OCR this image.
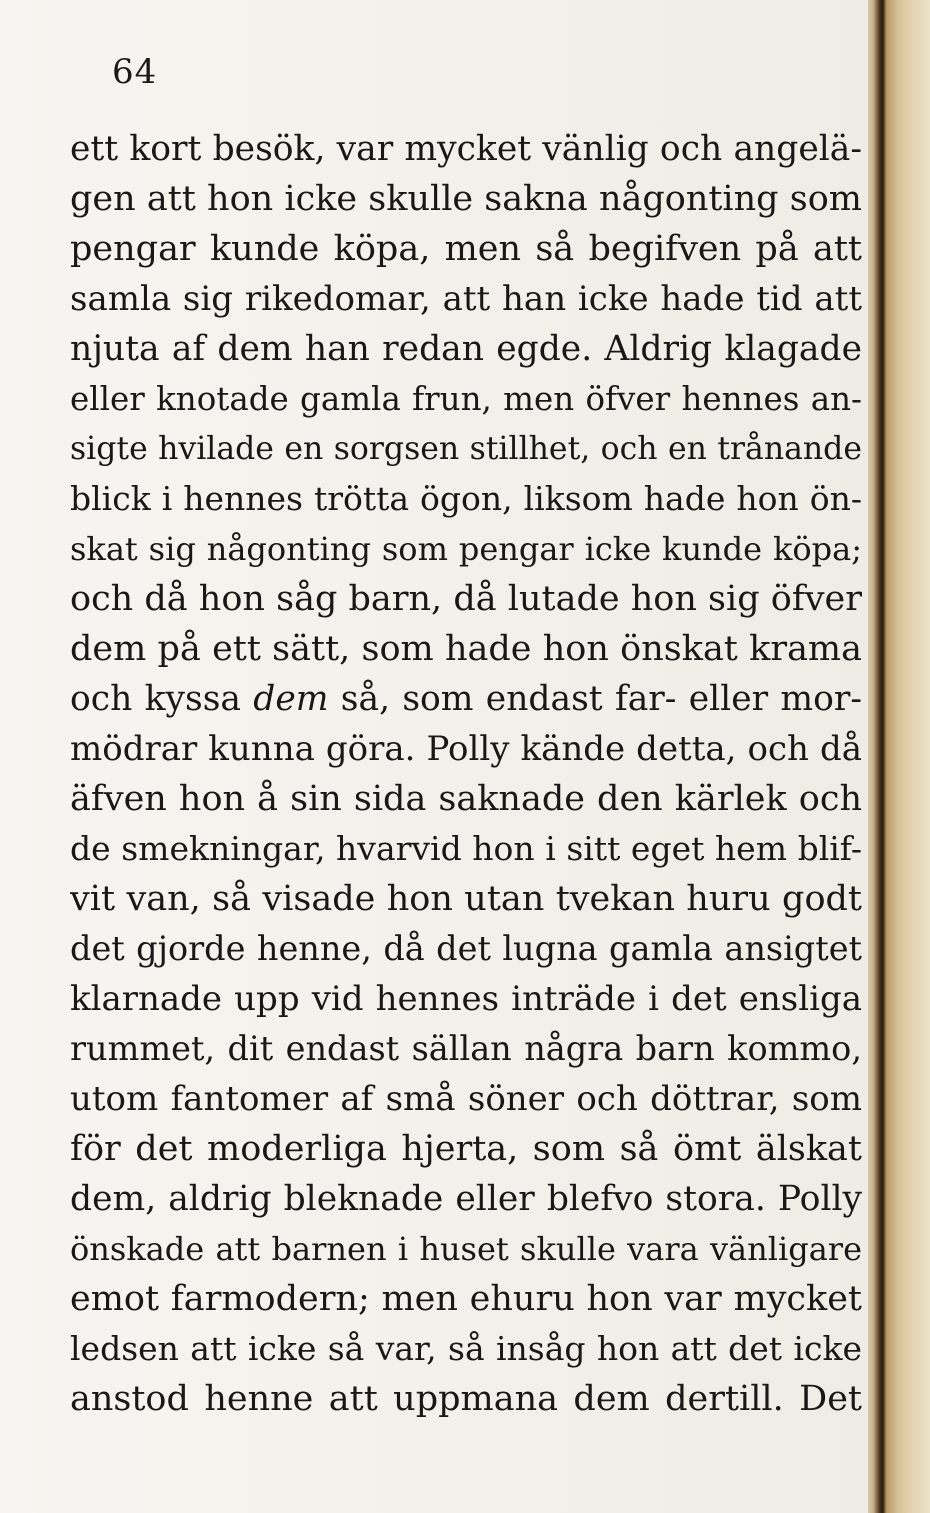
64
ett kort besök, var mycket vänlig och angelä-
gen att hon icke skulle sakna någonting som
pengar kunde köpa, men så begifven på att
samla sig rikedomar, att han icke hade tid att
njuta af dem han redan egde. Aldrig klagade
eller knotade gamla frun, men öfver hennes an-
sigte hvilade en sorgsen stillhet, och en trånande
blick i hennes trötta ögon, liksom hade hon ön-
skat sig någonting som pengar icke kunde köpa;
och då hon såg barn, då lutade hon sig öfver
dem på ett sätt, som hade hon önskat krama
och kyssa dem så, som endast far- eller mor-
mödrar kunna göra. Polly kände detta, och då
äfven hon å sin sida saknade den kärlek och
de smekningar, hvarvid hon i sitt eget hem blif-
vit van, så visade hon utan tvekan huru godt
det gjorde henne, då det lugna gamla ansigtet
klarnade upp vid hennes inträde i det ensliga
rummet, dit endast sällan några barn kommo,
utom fantomer af små söner och döttrar, som
för det moderliga hjerta, som så ömt älskat
dem, aldrig bleknade eller blefvo stora. Polly
önskade att barnen i huset skulle vara vänligare
emot farmodern; men ehuru hon var mycket
ledsen att icke så var, så insåg hon att det icke
anstod henne att uppmana dem dertill. Det
